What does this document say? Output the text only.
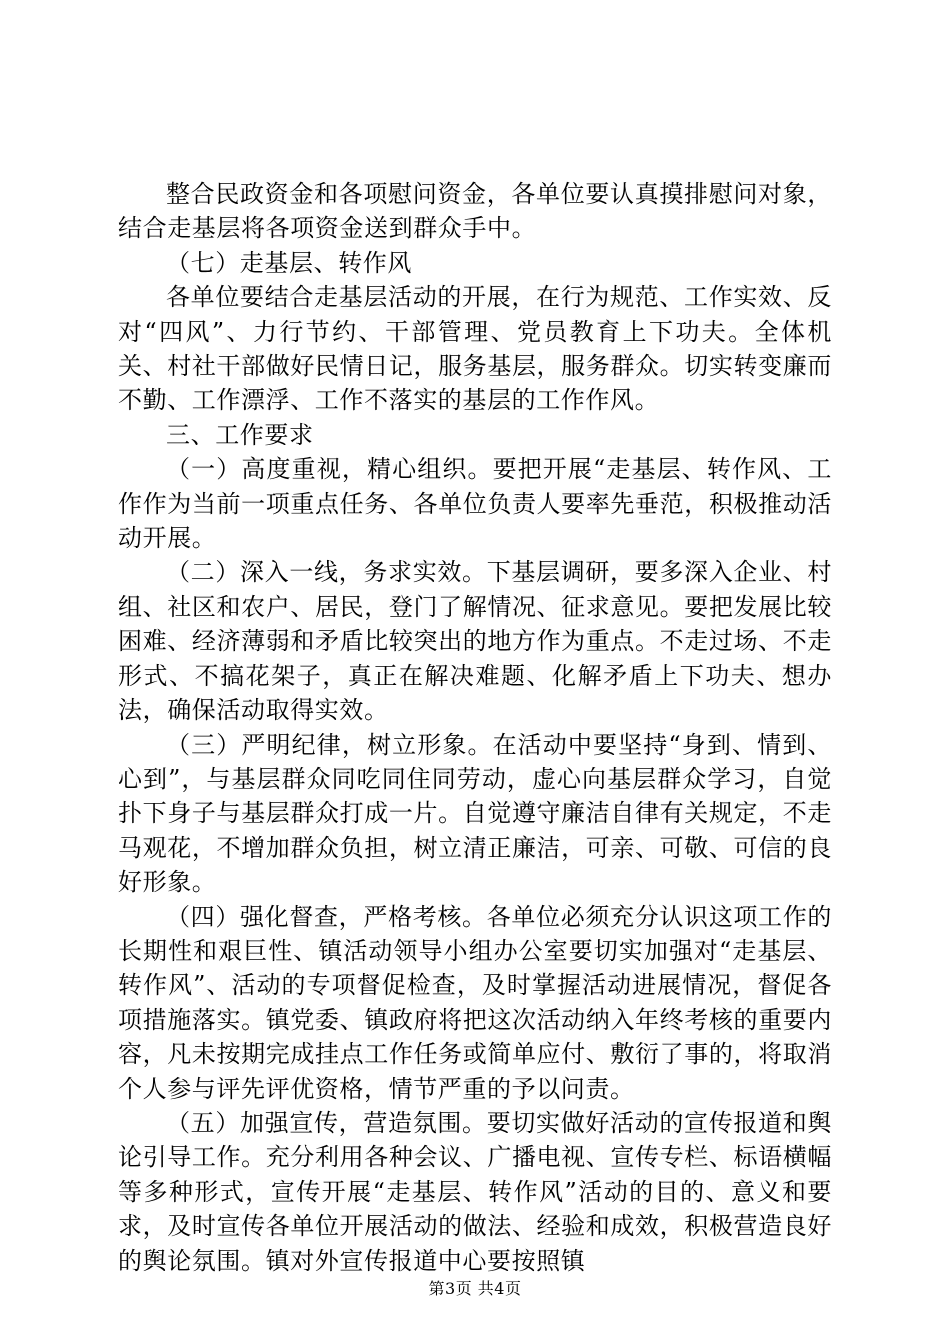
整合民政资金和各项慰问资金，各单位要认真摸排慰问对象，结合走基层将各项资金送到群众手中。

（七）走基层、转作风

各单位要结合走基层活动的开展，在行为规范、工作实效、反对“四风”、力行节约、干部管理、党员教育上下功夫。全体机关、村社干部做好民情日记，服务基层，服务群众。切实转变廉而不勤、工作漂浮、工作不落实的基层的工作作风。

三、工作要求

（一）高度重视，精心组织。要把开展“走基层、转作风、工作作为当前一项重点任务、各单位负责人要率先垂范，积极推动活动开展。

（二）深入一线，务求实效。下基层调研，要多深入企业、村组、社区和农户、居民，登门了解情况、征求意见。要把发展比较困难、经济薄弱和矛盾比较突出的地方作为重点。不走过场、不走形式、不搞花架子，真正在解决难题、化解矛盾上下功夫、想办法，确保活动取得实效。

（三）严明纪律，树立形象。在活动中要坚持“身到、情到、心到”，与基层群众同吃同住同劳动，虚心向基层群众学习，自觉扑下身子与基层群众打成一片。自觉遵守廉洁自律有关规定，不走马观花，不增加群众负担，树立清正廉洁，可亲、可敬、可信的良好形象。

（四）强化督查，严格考核。各单位必须充分认识这项工作的长期性和艰巨性、镇活动领导小组办公室要切实加强对“走基层、转作风”、活动的专项督促检查，及时掌握活动进展情况，督促各项措施落实。镇党委、镇政府将把这次活动纳入年终考核的重要内容，凡未按期完成挂点工作任务或简单应付、敷衍了事的，将取消个人参与评先评优资格，情节严重的予以问责。

（五）加强宣传，营造氛围。要切实做好活动的宣传报道和舆论引导工作。充分利用各种会议、广播电视、宣传专栏、标语横幅等多种形式，宣传开展“走基层、转作风”活动的目的、意义和要求，及时宣传各单位开展活动的做法、经验和成效，积极营造良好的舆论氛围。镇对外宣传报道中心要按照镇

第3页 共4页
